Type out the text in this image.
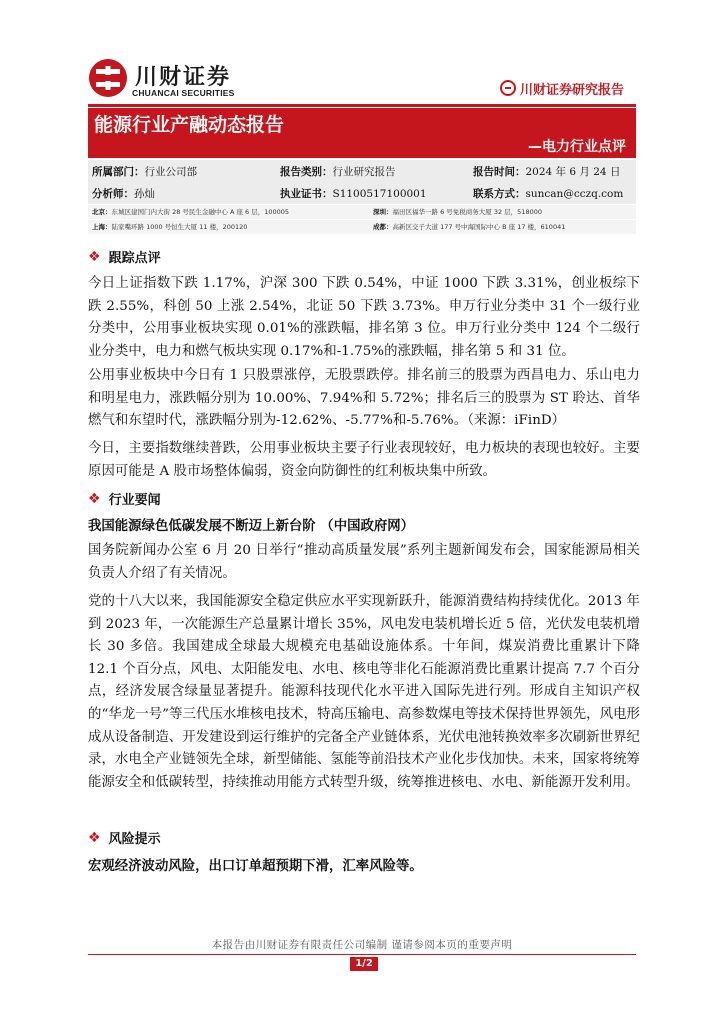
川财证券
CHUANCAI SECURITIES	川财证券研究报告
能源行业产融动态报告
—电力行业点评
所属部门：行业公司部	报告类别：行业研究报告	报告时间：2024 年 6 月 24 日
分析师：孙灿	执业证书：S1100517100001	联系方式：suncan@cczq.com
北京：东城区建国门内大街 28 号民生金融中心 A 座 6 层，100005	深圳：福田区福华一路 6 号免税商务大厦 32 层，518000
上海：陆家嘴环路 1000 号恒生大厦 11 楼，200120	成都：高新区交子大道 177 号中海国际中心 B 座 17 楼，610041
❖ 跟踪点评
今日上证指数下跌 1.17%，沪深 300 下跌 0.54%，中证 1000 下跌 3.31%，创业板综下跌 2.55%，科创 50 上涨 2.54%，北证 50 下跌 3.73%。申万行业分类中 31 个一级行业分类中，公用事业板块实现 0.01%的涨跌幅，排名第 3 位。申万行业分类中 124 个二级行业分类中，电力和燃气板块实现 0.17%和-1.75%的涨跌幅，排名第 5 和 31 位。
公用事业板块中今日有 1 只股票涨停，无股票跌停。排名前三的股票为西昌电力、乐山电力和明星电力，涨跌幅分别为 10.00%、7.94%和 5.72%；排名后三的股票为 ST 聆达、首华燃气和东望时代，涨跌幅分别为-12.62%、-5.77%和-5.76%。（来源：iFinD）
今日，主要指数继续普跌，公用事业板块主要子行业表现较好，电力板块的表现也较好。主要原因可能是 A 股市场整体偏弱，资金向防御性的红利板块集中所致。
❖ 行业要闻
我国能源绿色低碳发展不断迈上新台阶 （中国政府网）
国务院新闻办公室 6 月 20 日举行“推动高质量发展”系列主题新闻发布会，国家能源局相关负责人介绍了有关情况。
党的十八大以来，我国能源安全稳定供应水平实现新跃升，能源消费结构持续优化。2013 年到 2023 年，一次能源生产总量累计增长 35%，风电发电装机增长近 5 倍，光伏发电装机增长 30 多倍。我国建成全球最大规模充电基础设施体系。十年间，煤炭消费比重累计下降 12.1 个百分点，风电、太阳能发电、水电、核电等非化石能源消费比重累计提高 7.7 个百分点，经济发展含绿量显著提升。能源科技现代化水平进入国际先进行列。形成自主知识产权的“华龙一号”等三代压水堆核电技术，特高压输电、高参数煤电等技术保持世界领先，风电形成从设备制造、开发建设到运行维护的完备全产业链体系，光伏电池转换效率多次刷新世界纪录，水电全产业链领先全球，新型储能、氢能等前沿技术产业化步伐加快。未来，国家将统筹能源安全和低碳转型，持续推动用能方式转型升级，统筹推进核电、水电、新能源开发利用。
❖ 风险提示
宏观经济波动风险，出口订单超预期下滑，汇率风险等。
本报告由川财证券有限责任公司编制 谨请参阅本页的重要声明
1/2
